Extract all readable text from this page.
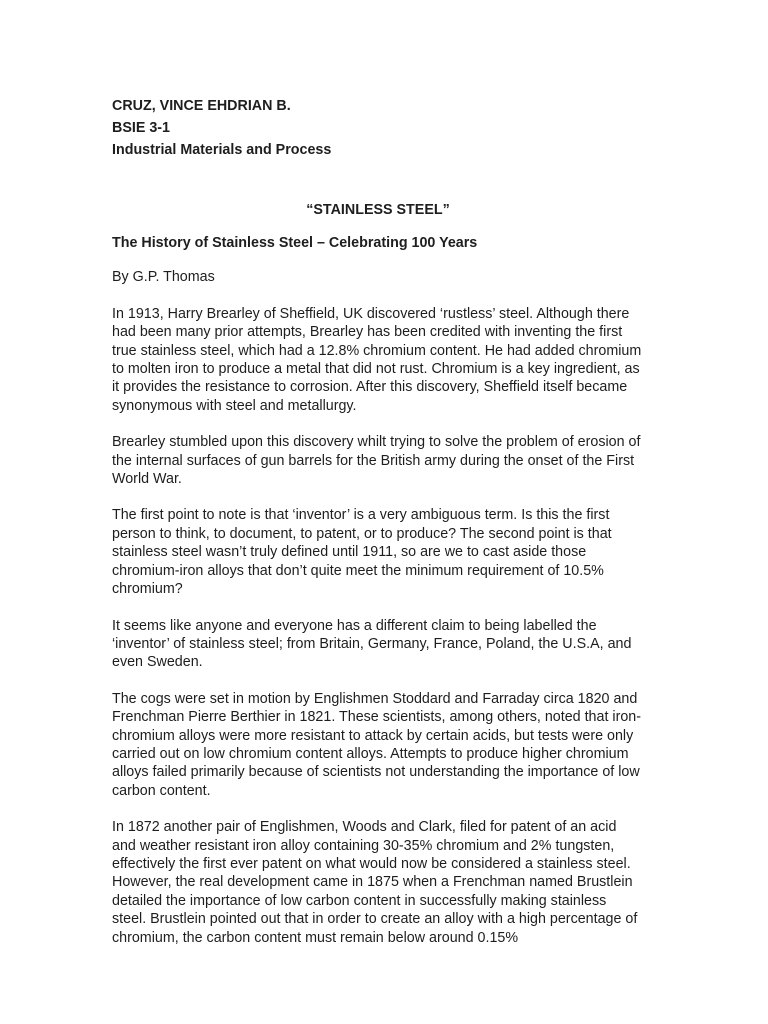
CRUZ, VINCE EHDRIAN B.

BSIE 3-1

Industrial Materials and Process

“STAINLESS STEEL”

The History of Stainless Steel – Celebrating 100 Years

By G.P. Thomas

In 1913, Harry Brearley of Sheffield, UK discovered ‘rustless’ steel. Although there had been many prior attempts, Brearley has been credited with inventing the first true stainless steel, which had a 12.8% chromium content. He had added chromium to molten iron to produce a metal that did not rust. Chromium is a key ingredient, as it provides the resistance to corrosion. After this discovery, Sheffield itself became synonymous with steel and metallurgy.

Brearley stumbled upon this discovery whilt trying to solve the problem of erosion of the internal surfaces of gun barrels for the British army during the onset of the First World War.

The first point to note is that ‘inventor’ is a very ambiguous term. Is this the first person to think, to document, to patent, or to produce? The second point is that stainless steel wasn’t truly defined until 1911, so are we to cast aside those chromium-iron alloys that don’t quite meet the minimum requirement of 10.5% chromium?

It seems like anyone and everyone has a different claim to being labelled the ‘inventor’ of stainless steel; from Britain, Germany, France, Poland, the U.S.A, and even Sweden.

The cogs were set in motion by Englishmen Stoddard and Farraday circa 1820 and Frenchman Pierre Berthier in 1821. These scientists, among others, noted that iron-chromium alloys were more resistant to attack by certain acids, but tests were only carried out on low chromium content alloys. Attempts to produce higher chromium alloys failed primarily because of scientists not understanding the importance of low carbon content.

In 1872 another pair of Englishmen, Woods and Clark, filed for patent of an acid and weather resistant iron alloy containing 30-35% chromium and 2% tungsten, effectively the first ever patent on what would now be considered a stainless steel. However, the real development came in 1875 when a Frenchman named Brustlein detailed the importance of low carbon content in successfully making stainless steel. Brustlein pointed out that in order to create an alloy with a high percentage of chromium, the carbon content must remain below around 0.15%
